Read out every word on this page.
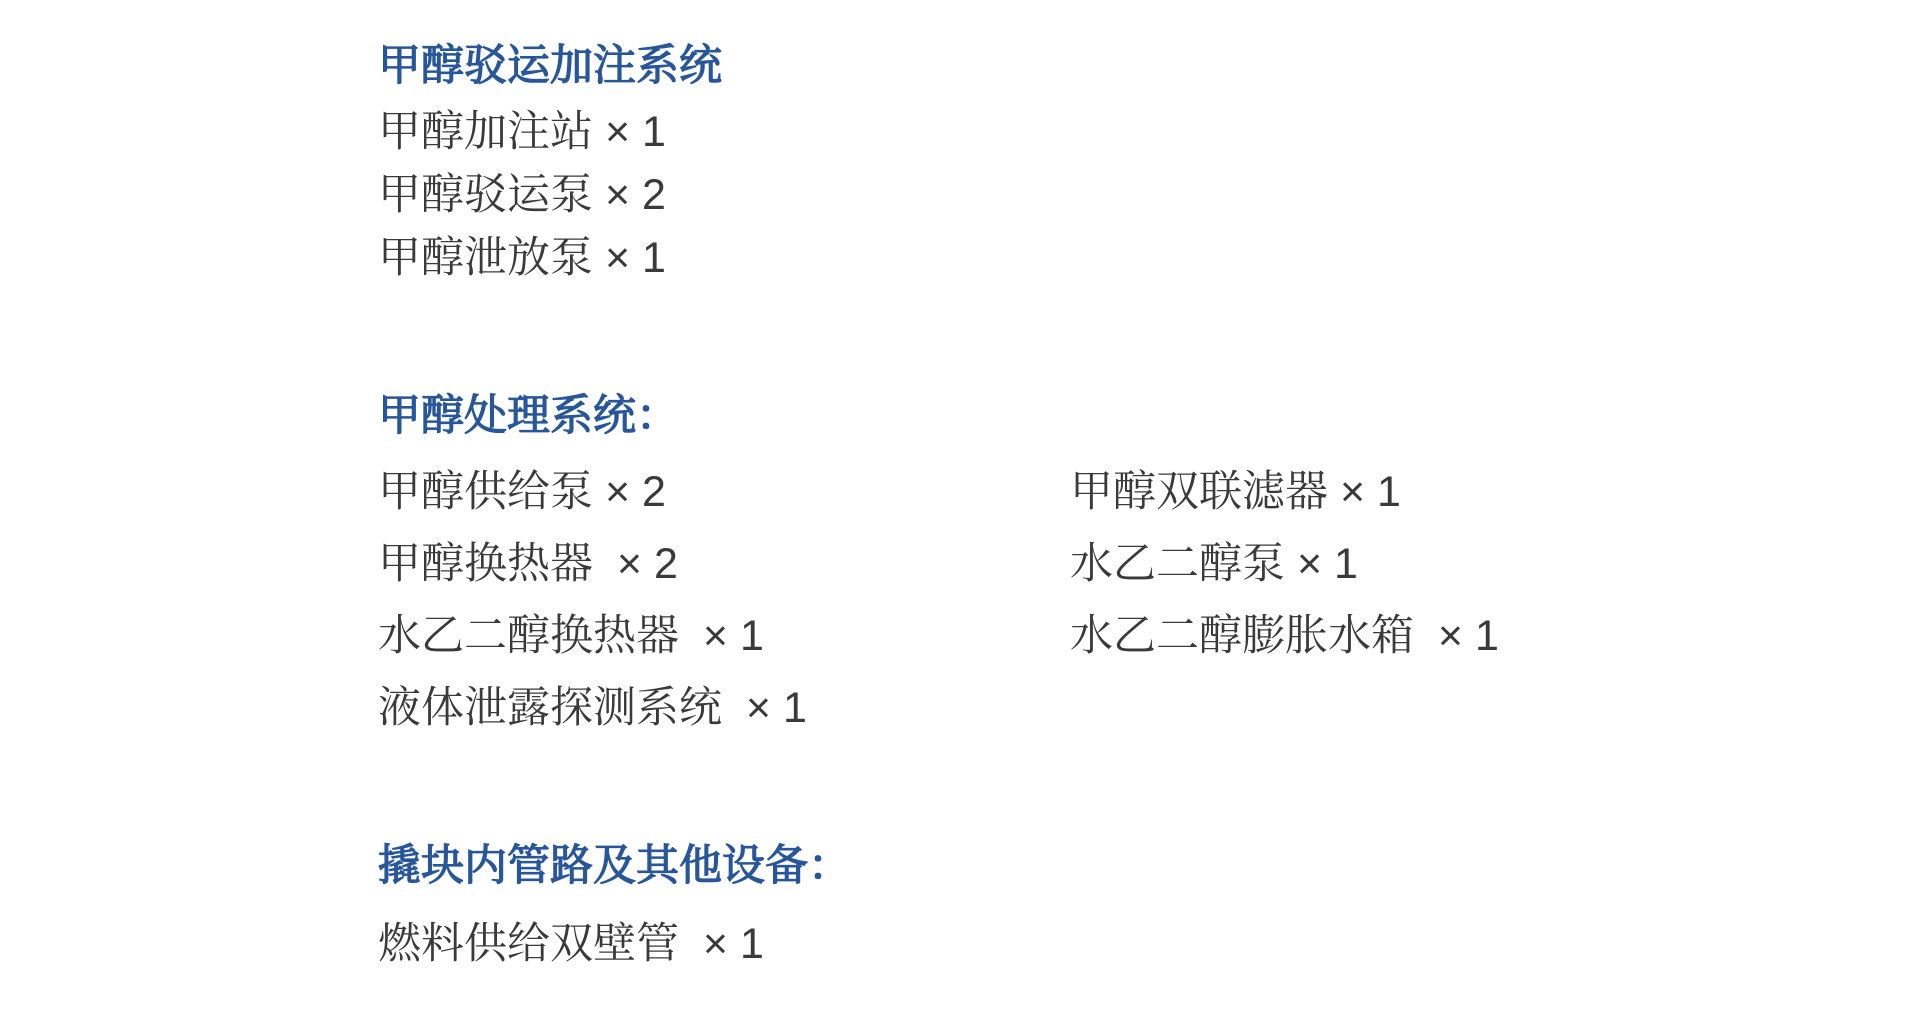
甲醇驳运加注系统
甲醇加注站 × 1
甲醇驳运泵 × 2
甲醇泄放泵 × 1
甲醇处理系统：
甲醇供给泵 × 2
甲醇换热器  × 2
水乙二醇换热器  × 1
液体泄露探测系统  × 1
甲醇双联滤器 × 1
水乙二醇泵 × 1
水乙二醇膨胀水箱  × 1
撬块内管路及其他设备：
燃料供给双壁管  × 1
